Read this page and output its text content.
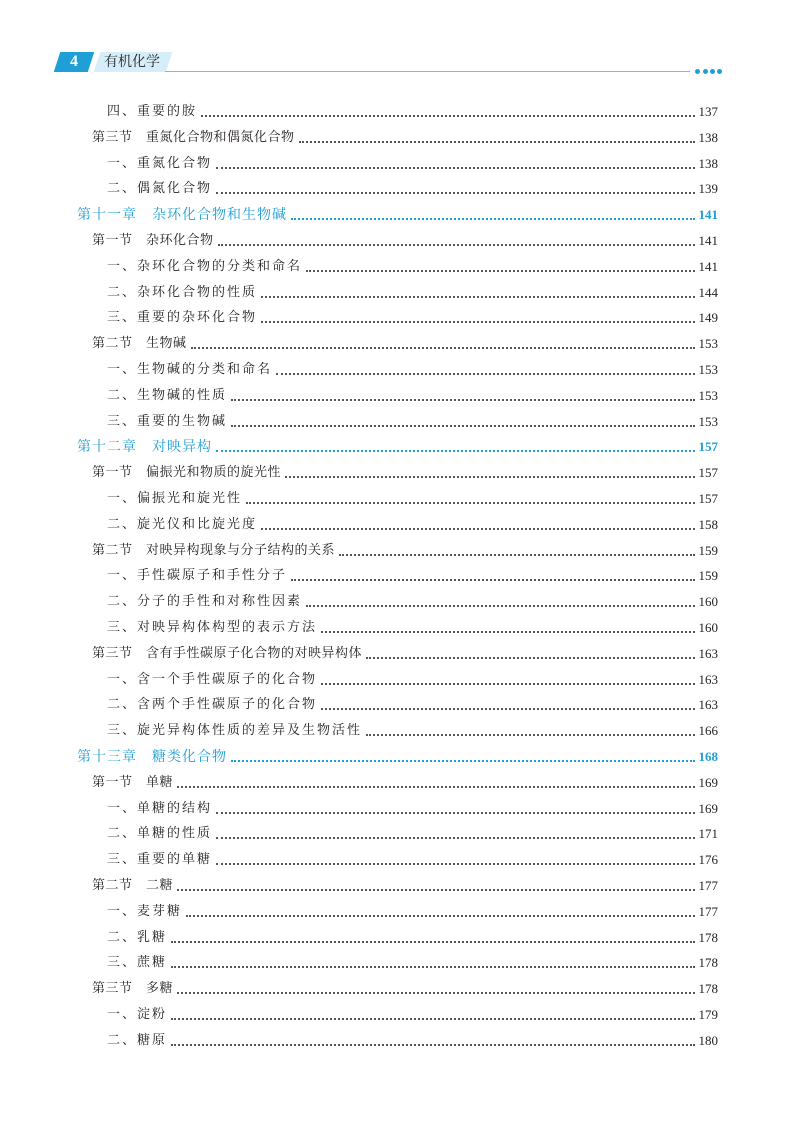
4	有机化学
四、重要的胺	137
第三节　重氮化合物和偶氮化合物	138
一、重氮化合物	138
二、偶氮化合物	139
第十一章　杂环化合物和生物碱	141
第一节　杂环化合物	141
一、杂环化合物的分类和命名	141
二、杂环化合物的性质	144
三、重要的杂环化合物	149
第二节　生物碱	153
一、生物碱的分类和命名	153
二、生物碱的性质	153
三、重要的生物碱	153
第十二章　对映异构	157
第一节　偏振光和物质的旋光性	157
一、偏振光和旋光性	157
二、旋光仪和比旋光度	158
第二节　对映异构现象与分子结构的关系	159
一、手性碳原子和手性分子	159
二、分子的手性和对称性因素	160
三、对映异构体构型的表示方法	160
第三节　含有手性碳原子化合物的对映异构体	163
一、含一个手性碳原子的化合物	163
二、含两个手性碳原子的化合物	163
三、旋光异构体性质的差异及生物活性	166
第十三章　糖类化合物	168
第一节　单糖	169
一、单糖的结构	169
二、单糖的性质	171
三、重要的单糖	176
第二节　二糖	177
一、麦芽糖	177
二、乳糖	178
三、蔗糖	178
第三节　多糖	178
一、淀粉	179
二、糖原	180
